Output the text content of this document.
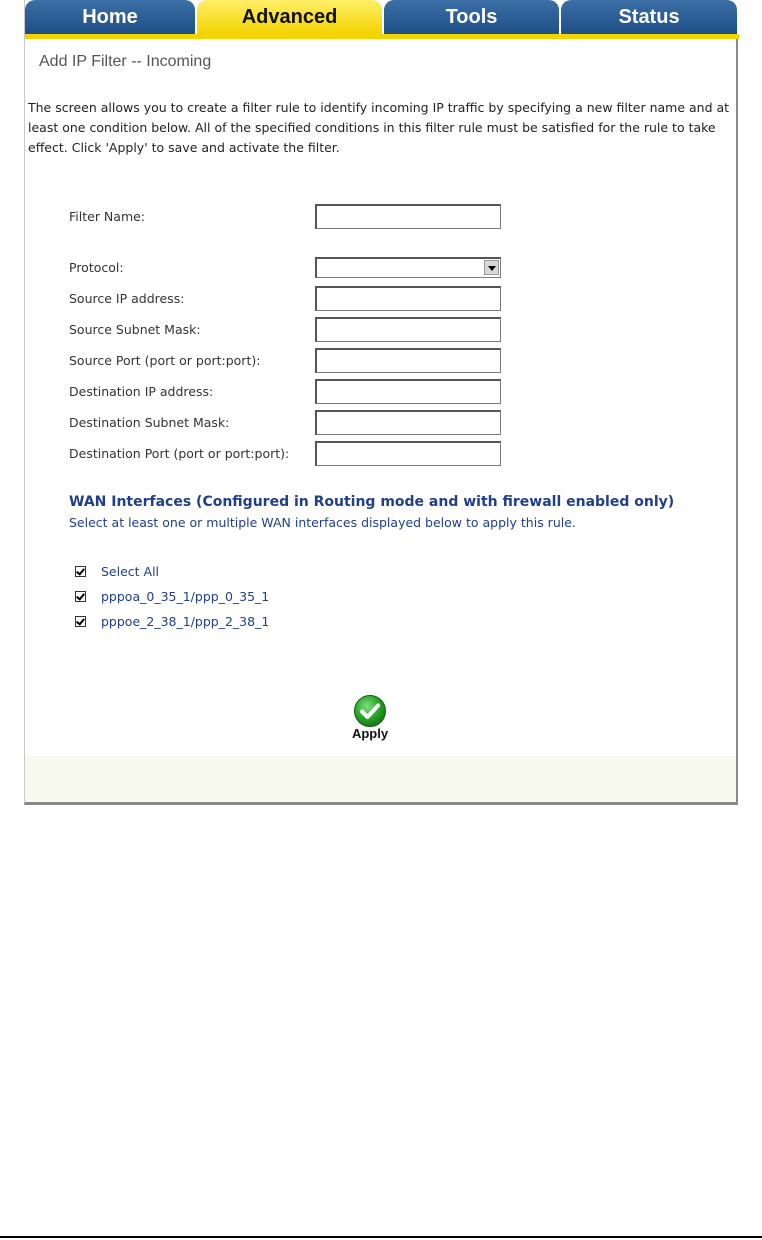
Home	Advanced	Tools	Status
Add IP Filter -- Incoming
The screen allows you to create a filter rule to identify incoming IP traffic by specifying a new filter name and at least one condition below. All of the specified conditions in this filter rule must be satisfied for the rule to take effect. Click 'Apply' to save and activate the filter.
Filter Name:
Protocol:
Source IP address:
Source Subnet Mask:
Source Port (port or port:port):
Destination IP address:
Destination Subnet Mask:
Destination Port (port or port:port):
WAN Interfaces (Configured in Routing mode and with firewall enabled only)
Select at least one or multiple WAN interfaces displayed below to apply this rule.
Select All
pppoa_0_35_1/ppp_0_35_1
pppoe_2_38_1/ppp_2_38_1
Apply
